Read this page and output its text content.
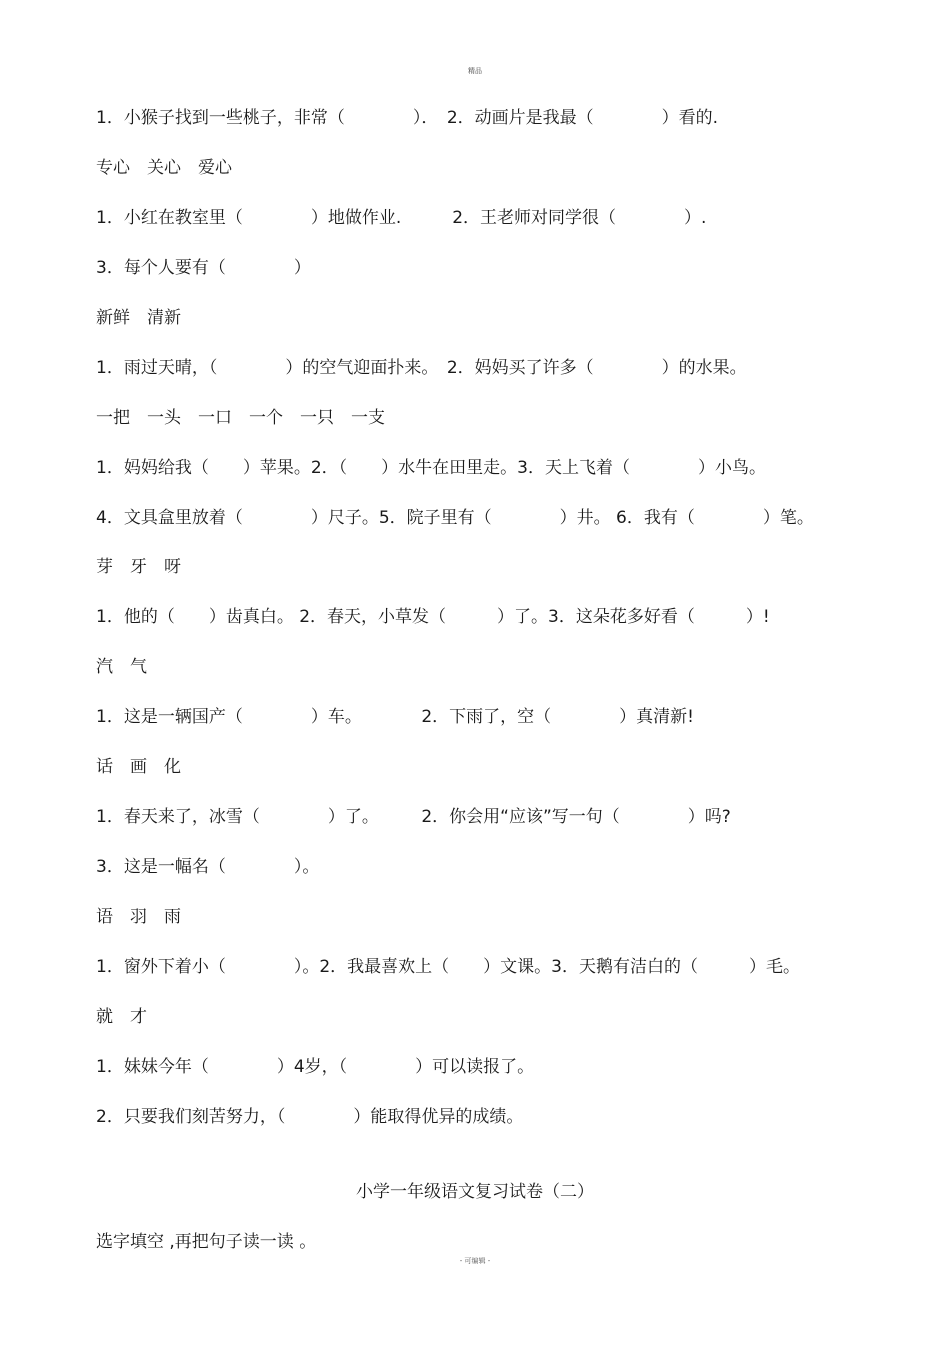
精品
1．小猴子找到一些桃子，非常（　　　　）．　2．动画片是我最（　　　　）看的.
专心　关心　爱心
1．小红在教室里（　　　　）地做作业.　　　2．王老师对同学很（　　　　）.
3．每个人要有（　　　　）
新鲜　清新
1．雨过天晴，（　　　　）的空气迎面扑来。　2．妈妈买了许多（　　　　）的水果。
一把　一头　一口　一个　一只　一支
1．妈妈给我（　　）苹果。2．（　　）水牛在田里走。3．天上飞着（　　　　）小鸟。
4．文具盒里放着（　　　　）尺子。5．院子里有（　　　　）井。 6．我有（　　　　）笔。
芽　牙　呀
1．他的（　　）齿真白。 2．春天，小草发（　　　）了。3．这朵花多好看（　　　）!
汽　气
1．这是一辆国产（　　　　）车。　　　　2．下雨了，空（　　　　）真清新!
话　画　化
1．春天来了，冰雪（　　　　）了。　　　2．你会用“应该”写一句（　　　　）吗?
3．这是一幅名（　　　　）。
语　羽　雨
1．窗外下着小（　　　　）。2．我最喜欢上（　　）文课。3．天鹅有洁白的（　　　）毛。
就　才
1．妹妹今年（　　　　）4岁，（　　　　）可以读报了。
2．只要我们刻苦努力，（　　　　）能取得优异的成绩。
小学一年级语文复习试卷（二）
选字填空 ,再把句子读一读 。
- 可编辑 -
